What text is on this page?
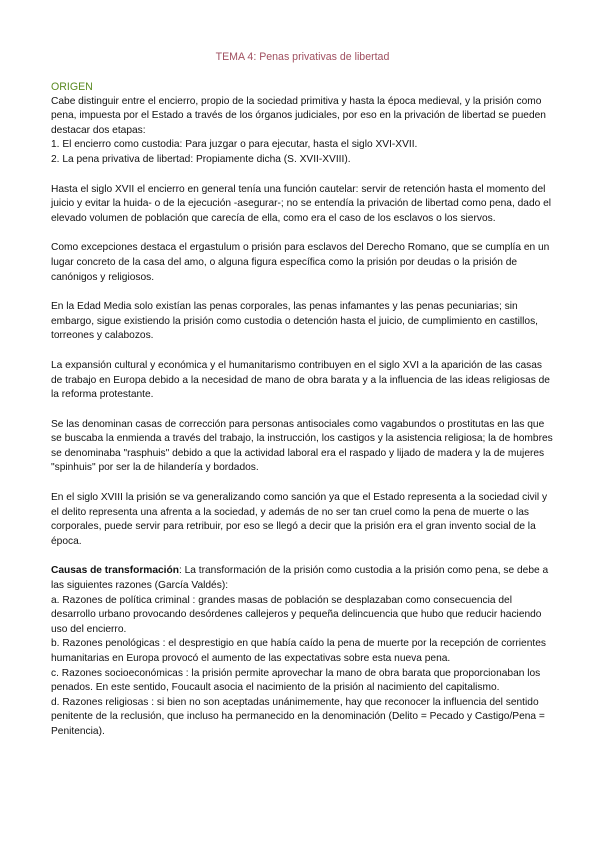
TEMA 4: Penas privativas de libertad
ORIGEN

Cabe distinguir entre el encierro, propio de la sociedad primitiva y hasta la época medieval, y la prisión como pena, impuesta por el Estado a través de los órganos judiciales, por eso en la privación de libertad se pueden destacar dos etapas:

1. El encierro como custodia: Para juzgar o para ejecutar, hasta el siglo XVI-XVII.
2. La pena privativa de libertad: Propiamente dicha (S. XVII-XVIII).

Hasta el siglo XVII el encierro en general tenía una función cautelar: servir de retención hasta el momento del juicio y evitar la huida- o de la ejecución -asegurar-; no se entendía la privación de libertad como pena, dado el elevado volumen de población que carecía de ella, como era el caso de los esclavos o los siervos.

Como excepciones destaca el ergastulum o prisión para esclavos del Derecho Romano, que se cumplía en un lugar concreto de la casa del amo, o alguna figura específica como la prisión por deudas o la prisión de canónigos y religiosos.

En la Edad Media solo existían las penas corporales, las penas infamantes y las penas pecuniarias; sin embargo, sigue existiendo la prisión como custodia o detención hasta el juicio, de cumplimiento en castillos, torreones y calabozos.

La expansión cultural y económica y el humanitarismo contribuyen en el siglo XVI a la aparición de las casas de trabajo en Europa debido a la necesidad de mano de obra barata y a la influencia de las ideas religiosas de la reforma protestante.

Se las denominan casas de corrección para personas antisociales como vagabundos o prostitutas en las que se buscaba la enmienda a través del trabajo, la instrucción, los castigos y la asistencia religiosa; la de hombres se denominaba "rasphuis" debido a que la actividad laboral era el raspado y lijado de madera y la de mujeres "spinhuis" por ser la de hilandería y bordados.

En el siglo XVIII la prisión se va generalizando como sanción ya que el Estado representa a la sociedad civil y el delito representa una afrenta a la sociedad, y además de no ser tan cruel como la pena de muerte o las corporales, puede servir para retribuir, por eso se llegó a decir que la prisión era el gran invento social de la época.

Causas de transformación: La transformación de la prisión como custodia a la prisión como pena, se debe a las siguientes razones (García Valdés):

a. Razones de política criminal : grandes masas de población se desplazaban como consecuencia del desarrollo urbano provocando desórdenes callejeros y pequeña delincuencia que hubo que reducir haciendo uso del encierro.
b. Razones penológicas : el desprestigio en que había caído la pena de muerte por la recepción de corrientes humanitarias en Europa provocó el aumento de las expectativas sobre esta nueva pena.
c. Razones socioeconómicas : la prisión permite aprovechar la mano de obra barata que proporcionaban los penados. En este sentido, Foucault asocia el nacimiento de la prisión al nacimiento del capitalismo.
d. Razones religiosas : si bien no son aceptadas unánimemente, hay que reconocer la influencia del sentido penitente de la reclusión, que incluso ha permanecido en la denominación (Delito = Pecado y Castigo/Pena = Penitencia).
